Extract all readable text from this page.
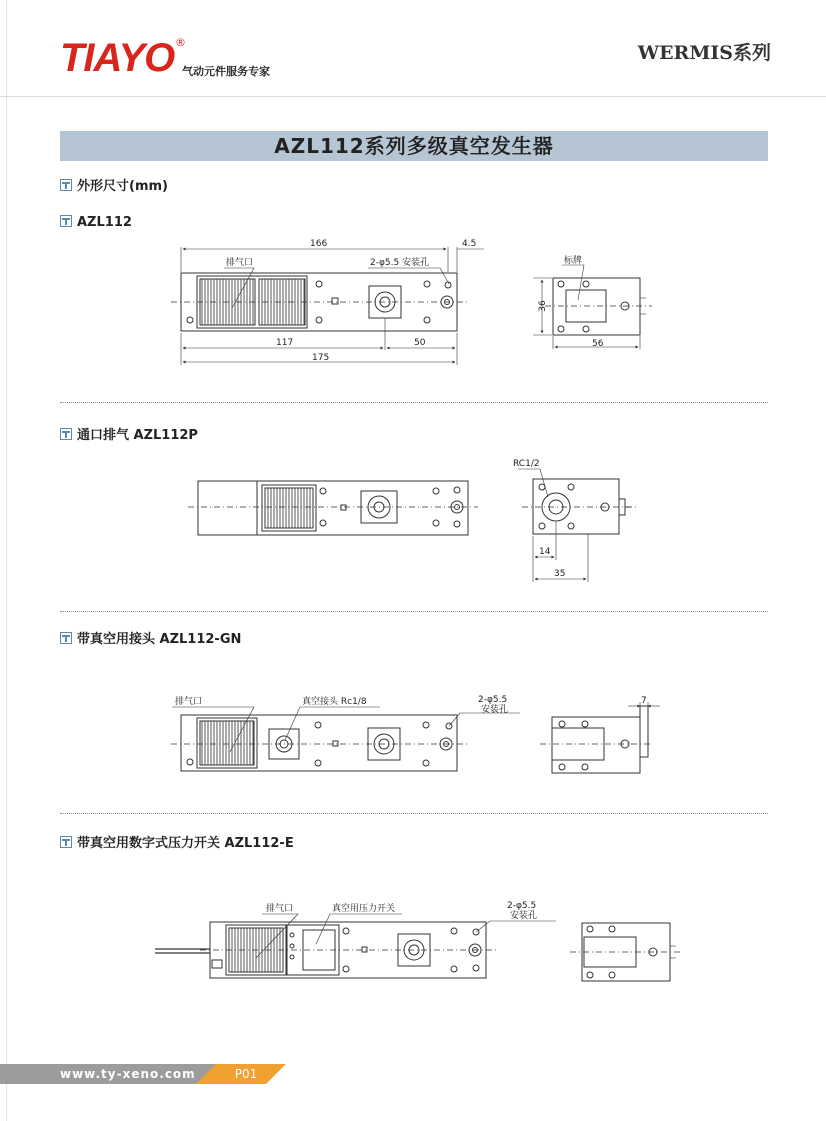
TIAYO ®
气动元件服务专家
WERMIS系列
AZL112系列多级真空发生器
外形尺寸(mm)
AZL112
通口排气 AZL112P
带真空用接头 AZL112-GN
带真空用数字式压力开关 AZL112-E
166	4.5
排气口	2-φ5.5 安装孔
117	50
175
标牌
36
56
RC1/2
14
35
排气口	真空接头 Rc1/8	2-φ5.5
安装孔
7
排气口	真空用压力开关	2-φ5.5
安装孔
www.ty-xeno.com	P01
